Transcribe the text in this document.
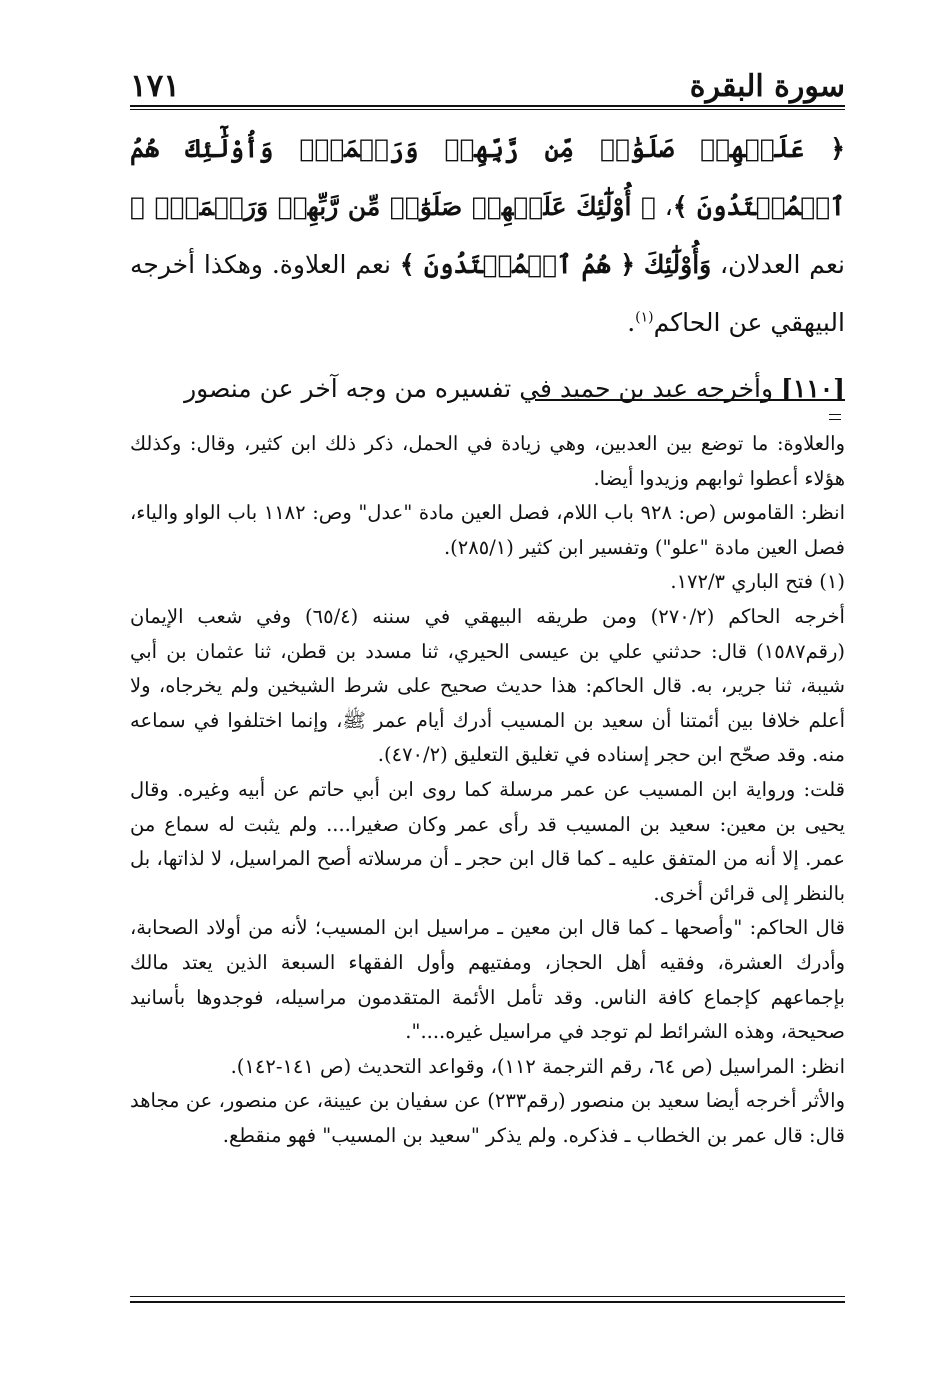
١٧١	سورة البقرة

﴿ عَلَيۡهِمۡ صَلَوَٰتٞ مِّن رَّبِّهِمۡ وَرَحۡمَةٞۖ وَأُوْلَٰٓئِكَ هُمُ ٱلۡمُهۡتَدُونَ ﴾، ﴿ أُوْلَٰٓئِكَ عَلَيۡهِمۡ صَلَوَٰتٞ مِّن رَّبِّهِمۡ وَرَحۡمَةٞۖ ﴾ نعم العدلان، وَأُوْلَٰٓئِكَ ﴿ هُمُ ٱلۡمُهۡتَدُونَ ﴾ نعم العلاوة. وهكذا أخرجه البيهقي عن الحاكم$^{(١)}$.

[١١٠] وأخرجه عبد بن حميد في تفسيره من وجه آخر عن منصور

والعلاوة: ما توضع بين العدبين، وهي زيادة في الحمل، ذكر ذلك ابن كثير، وقال: وكذلك هؤلاء أعطوا ثوابهم وزيدوا أيضا.

انظر: القاموس (ص: ٩٢٨ باب اللام، فصل العين مادة "عدل" وص: ١١٨٢ باب الواو والياء، فصل العين مادة "علو") وتفسير ابن كثير (٢٨٥/١).

(١) فتح الباري ١٧٢/٣.

أخرجه الحاكم (٢٧٠/٢) ومن طريقه البيهقي في سننه (٦٥/٤) وفي شعب الإيمان (رقم١٥٨٧) قال: حدثني علي بن عيسى الحيري، ثنا مسدد بن قطن، ثنا عثمان بن أبي شيبة، ثنا جرير، به. قال الحاكم: هذا حديث صحيح على شرط الشيخين ولم يخرجاه، ولا أعلم خلافا بين أئمتنا أن سعيد بن المسيب أدرك أيام عمر ﷺ، وإنما اختلفوا في سماعه منه. وقد صحّح ابن حجر إسناده في تغليق التعليق (٤٧٠/٢).

قلت: ورواية ابن المسيب عن عمر مرسلة كما روى ابن أبي حاتم عن أبيه وغيره. وقال يحيى بن معين: سعيد بن المسيب قد رأى عمر وكان صغيرا.... ولم يثبت له سماع من عمر. إلا أنه من المتفق عليه ـ كما قال ابن حجر ـ أن مرسلاته أصح المراسيل، لا لذاتها، بل بالنظر إلى قرائن أخرى.

قال الحاكم: "وأصحها ـ كما قال ابن معين ـ مراسيل ابن المسيب؛ لأنه من أولاد الصحابة، وأدرك العشرة، وفقيه أهل الحجاز، ومفتيهم وأول الفقهاء السبعة الذين يعتد مالك بإجماعهم كإجماع كافة الناس. وقد تأمل الأئمة المتقدمون مراسيله، فوجدوها بأسانيد صحيحة، وهذه الشرائط لم توجد في مراسيل غيره....".

انظر: المراسيل (ص ٦٤، رقم الترجمة ١١٢)، وقواعد التحديث (ص ١٤١-١٤٢).

والأثر أخرجه أيضا سعيد بن منصور (رقم٢٣٣) عن سفيان بن عيينة، عن منصور، عن مجاهد قال: قال عمر بن الخطاب ـ فذكره. ولم يذكر "سعيد بن المسيب" فهو منقطع.
